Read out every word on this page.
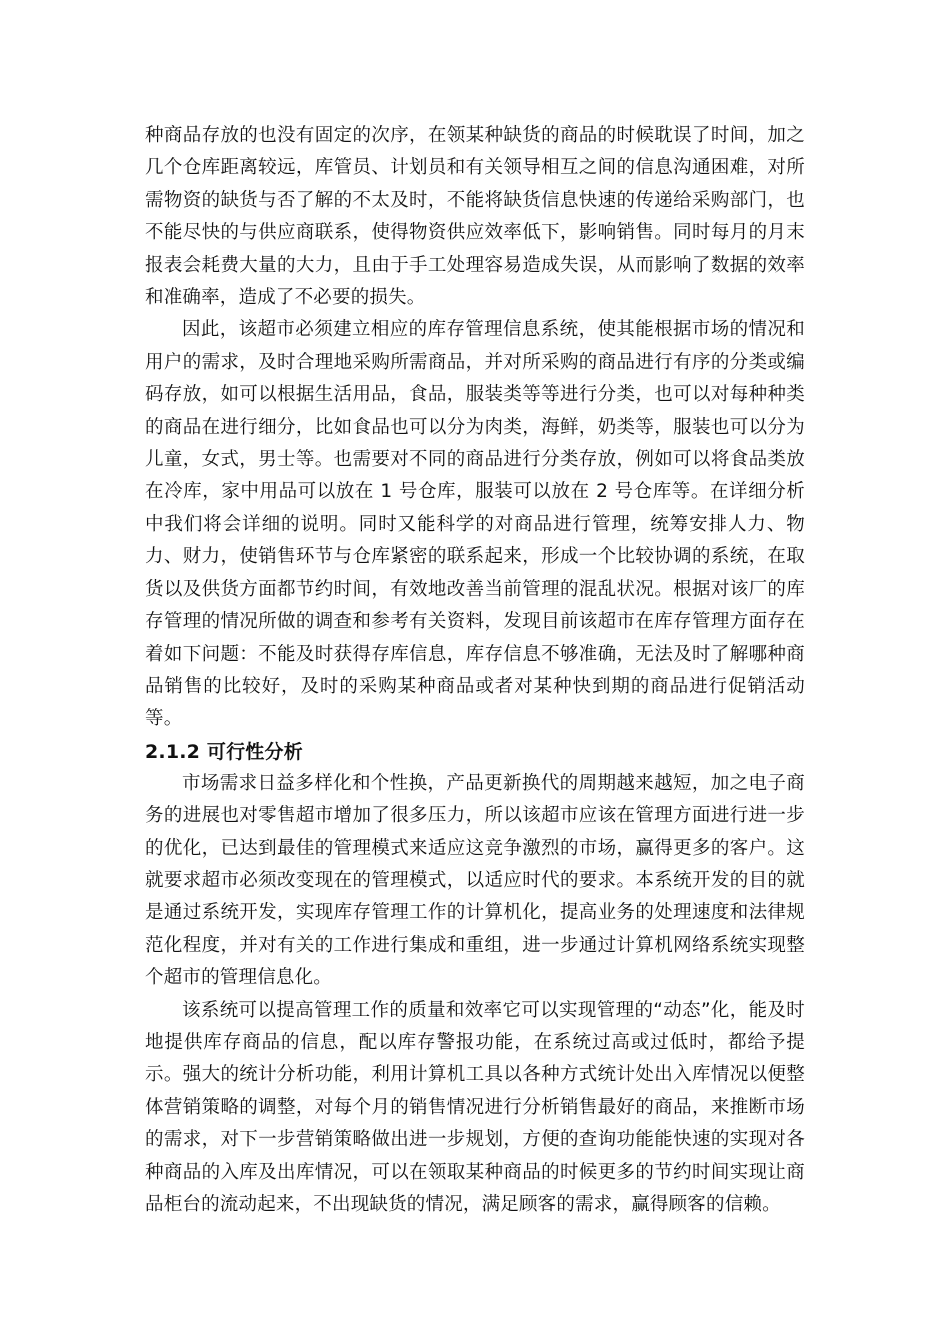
种商品存放的也没有固定的次序，在领某种缺货的商品的时候耽误了时间，加之几个仓库距离较远，库管员、计划员和有关领导相互之间的信息沟通困难，对所需物资的缺货与否了解的不太及时，不能将缺货信息快速的传递给采购部门，也不能尽快的与供应商联系，使得物资供应效率低下，影响销售。同时每月的月末报表会耗费大量的大力，且由于手工处理容易造成失误，从而影响了数据的效率和准确率，造成了不必要的损失。

因此，该超市必须建立相应的库存管理信息系统，使其能根据市场的情况和用户的需求，及时合理地采购所需商品，并对所采购的商品进行有序的分类或编码存放，如可以根据生活用品，食品，服装类等等进行分类，也可以对每种种类的商品在进行细分，比如食品也可以分为肉类，海鲜，奶类等，服装也可以分为儿童，女式，男士等。也需要对不同的商品进行分类存放，例如可以将食品类放在冷库，家中用品可以放在 1 号仓库，服装可以放在 2 号仓库等。在详细分析中我们将会详细的说明。同时又能科学的对商品进行管理，统筹安排人力、物力、财力，使销售环节与仓库紧密的联系起来，形成一个比较协调的系统，在取货以及供货方面都节约时间，有效地改善当前管理的混乱状况。根据对该厂的库存管理的情况所做的调查和参考有关资料，发现目前该超市在库存管理方面存在着如下问题：不能及时获得存库信息，库存信息不够准确，无法及时了解哪种商品销售的比较好，及时的采购某种商品或者对某种快到期的商品进行促销活动等。

2.1.2 可行性分析

市场需求日益多样化和个性换，产品更新换代的周期越来越短，加之电子商务的进展也对零售超市增加了很多压力，所以该超市应该在管理方面进行进一步的优化，已达到最佳的管理模式来适应这竞争激烈的市场，赢得更多的客户。这就要求超市必须改变现在的管理模式，以适应时代的要求。本系统开发的目的就是通过系统开发，实现库存管理工作的计算机化，提高业务的处理速度和法律规范化程度，并对有关的工作进行集成和重组，进一步通过计算机网络系统实现整个超市的管理信息化。

该系统可以提高管理工作的质量和效率它可以实现管理的“动态”化，能及时地提供库存商品的信息，配以库存警报功能，在系统过高或过低时，都给予提示。强大的统计分析功能，利用计算机工具以各种方式统计处出入库情况以便整体营销策略的调整，对每个月的销售情况进行分析销售最好的商品，来推断市场的需求，对下一步营销策略做出进一步规划，方便的查询功能能快速的实现对各种商品的入库及出库情况，可以在领取某种商品的时候更多的节约时间实现让商品柜台的流动起来，不出现缺货的情况，满足顾客的需求，赢得顾客的信赖。
